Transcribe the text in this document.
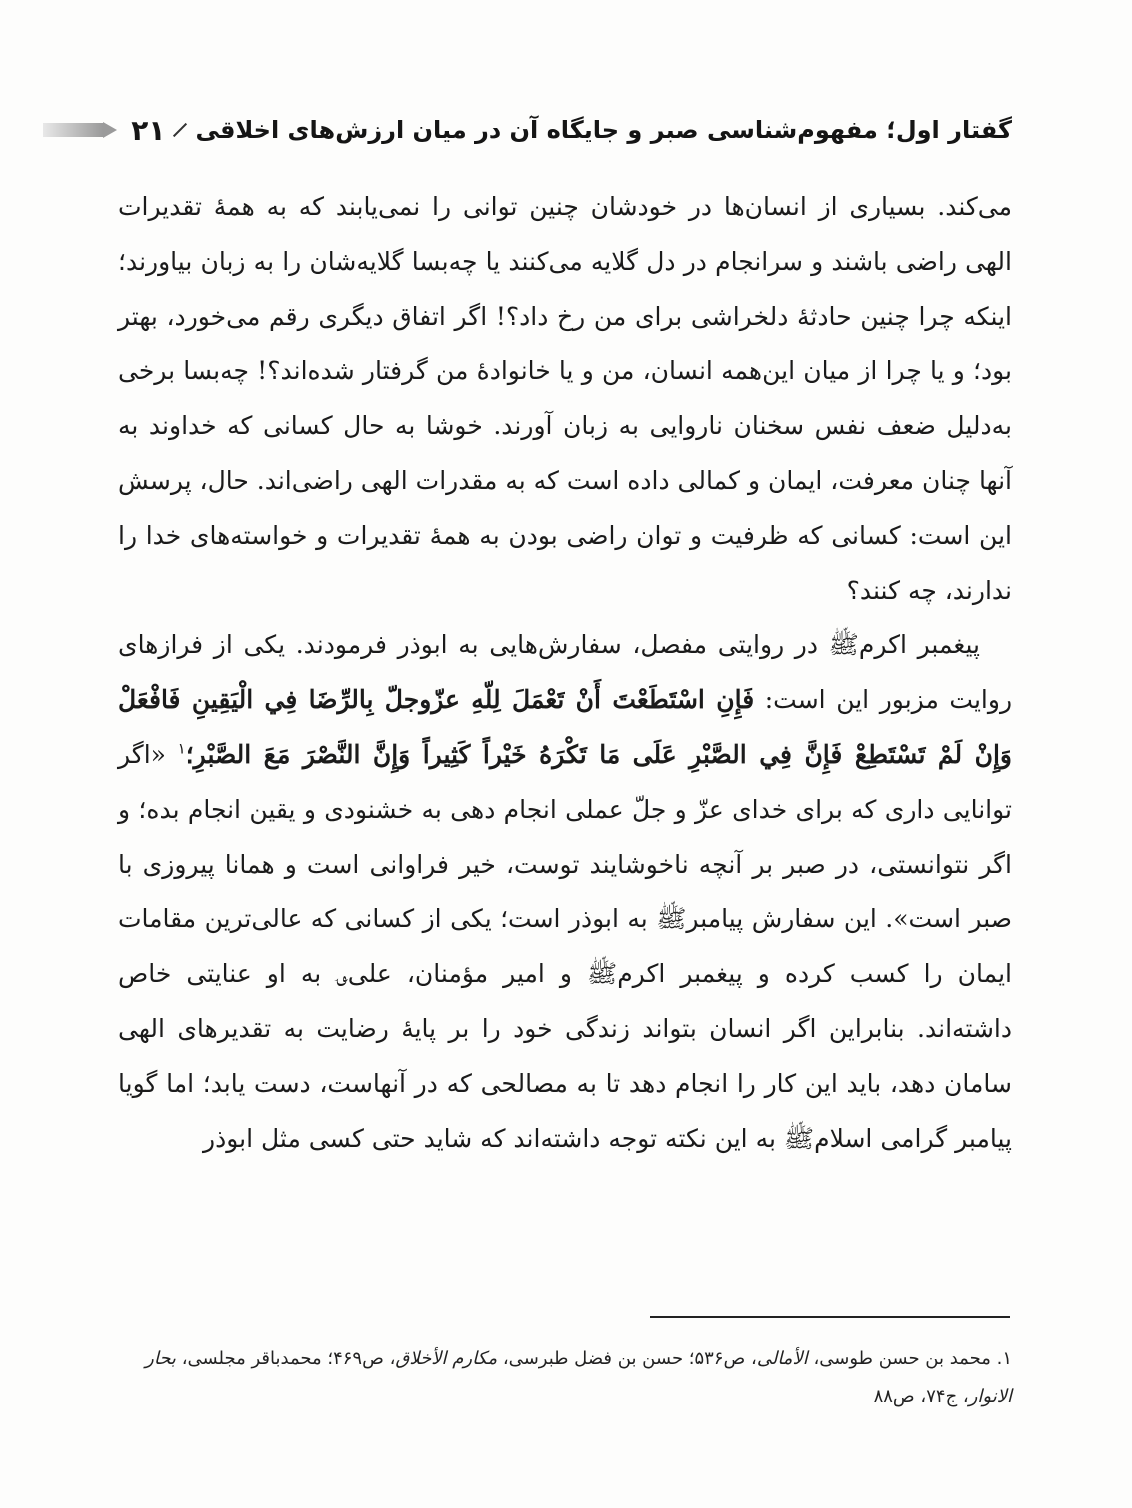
گفتار اول؛ مفهوم‌شناسی صبر و جایگاه آن در میان ارزش‌های اخلاقی
۲۱

می‌کند. بسیاری از انسان‌ها در خودشان چنین توانی را نمی‌یابند که به همهٔ تقدیرات الهی راضی باشند و سرانجام در دل گلایه می‌کنند یا چه‌بسا گلایه‌شان را به زبان بیاورند؛ اینکه چرا چنین حادثهٔ دلخراشی برای من رخ داد؟! اگر اتفاق دیگری رقم می‌خورد، بهتر بود؛ و یا چرا از میان این‌همه انسان، من و یا خانوادهٔ من گرفتار شده‌اند؟! چه‌بسا برخی به‌دلیل ضعف نفس سخنان ناروایی به زبان آورند. خوشا به حال کسانی که خداوند به آنها چنان معرفت، ایمان و کمالی داده است که به مقدرات الهی راضی‌اند. حال، پرسش این است: کسانی که ظرفیت و توان راضی بودن به همهٔ تقدیرات و خواسته‌های خدا را ندارند، چه کنند؟

پیغمبر اکرمﷺ در روایتی مفصل، سفارش‌هایی به ابوذر فرمودند. یکی از فرازهای روایت مزبور این است: فَإِنِ اسْتَطَعْتَ أَنْ تَعْمَلَ لِلّهِ عزّوجلّ بِالرِّضَا فِي الْيَقِينِ فَافْعَلْ وَإِنْ لَمْ تَسْتَطِعْ فَإِنَّ فِي الصَّبْرِ عَلَى مَا تَكْرَهُ خَيْراً كَثِيراً وَإِنَّ النَّصْرَ مَعَ الصَّبْرِ؛$^۱$ «اگر توانایی داری که برای خدای عزّ و جلّ عملی انجام دهی به خشنودی و یقین انجام بده؛ و اگر نتوانستی، در صبر بر آنچه ناخوشایند توست، خیر فراوانی است و همانا پیروزی با صبر است». این سفارش پیامبرﷺ به ابوذر است؛ یکی از کسانی که عالی‌ترین مقامات ایمان را کسب کرده و پیغمبر اکرمﷺ و امیر مؤمنان، علی‌؈ به او عنایتی خاص داشته‌اند. بنابراین اگر انسان بتواند زندگی خود را بر پایهٔ رضایت به تقدیرهای الهی سامان دهد، باید این کار را انجام دهد تا به مصالحی که در آنهاست، دست یابد؛ اما گویا پیامبر گرامی اسلامﷺ به این نکته توجه داشته‌اند که شاید حتی کسی مثل ابوذر

۱. محمد بن حسن طوسی، الأمالی، ص۵۳۶؛ حسن بن فضل طبرسی، مکارم الأخلاق، ص۴۶۹؛ محمدباقر مجلسی، بحار الانوار، ج۷۴، ص۸۸
